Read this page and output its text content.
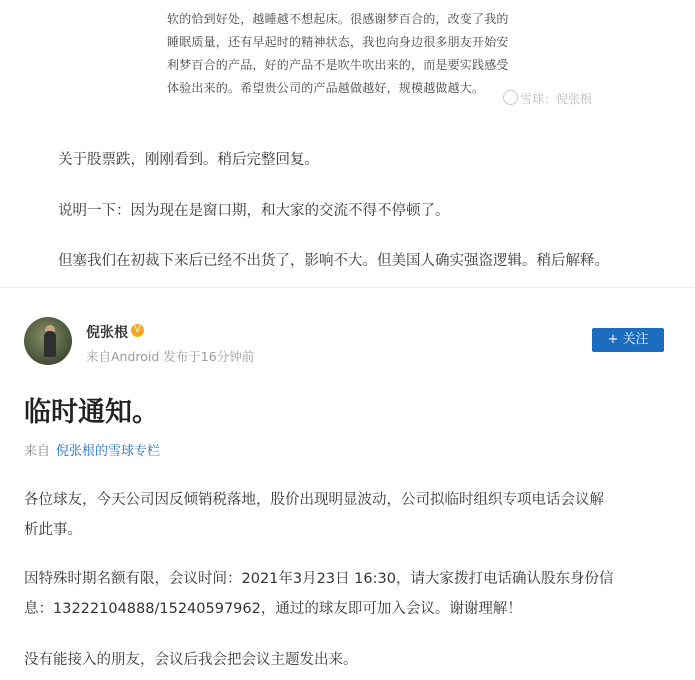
软的恰到好处，越睡越不想起床。很感谢梦百合的，改变了我的
睡眠质量，还有早起时的精神状态，我也向身边很多朋友开始安
利梦百合的产品，好的产品不是吹牛吹出来的，而是要实践感受
体验出来的。希望贵公司的产品越做越好，规模越做越大。
雪球：倪张根
关于股票跌，刚刚看到。稍后完整回复。
说明一下：因为现在是窗口期，和大家的交流不得不停顿了。
但塞我们在初裁下来后已经不出货了，影响不大。但美国人确实强盗逻辑。稍后解释。
倪张根 V
来自Android 发布于16分钟前
+ 关注
临时通知。
来自 倪张根的雪球专栏
各位球友，今天公司因反倾销税落地，股价出现明显波动，公司拟临时组织专项电话会议解
析此事。
因特殊时期名额有限，会议时间：2021年3月23日 16:30，请大家拨打电话确认股东身份信
息：13222104888/15240597962，通过的球友即可加入会议。谢谢理解！
没有能接入的朋友，会议后我会把会议主题发出来。
